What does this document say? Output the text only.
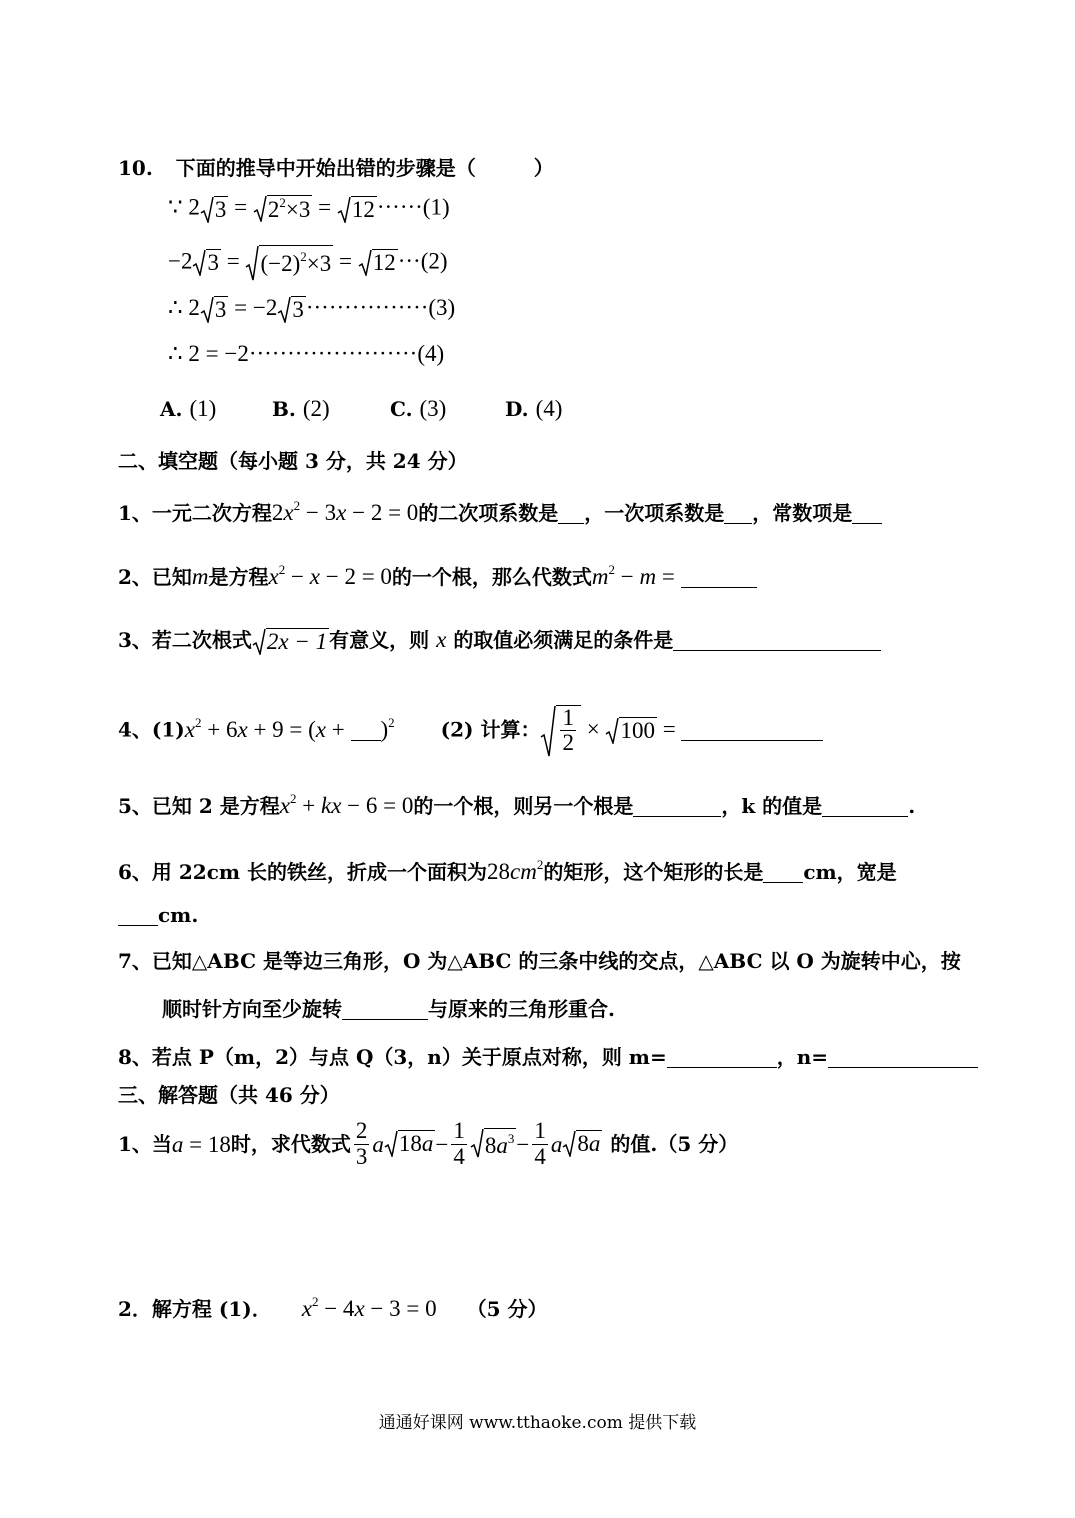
10. 下面的推导中开始出错的步骤是（	）
∵ 2 $3 = 2^2\times 3 = 12 \cdot\cdot\cdot\cdot\cdot\cdot(1)$
−2 $3 = (-2)^2\times 3 = 12 \cdot\cdot\cdot(2)$
∴ 2 3 = −2 3 ················(3)
∴ 2 = −2······················(4)
A. (1)	B. (2)	C. (3)	D. (4)
二、填空题（每小题 3 分，共 24 分）
1、一元二次方程$2x^2 - 3x - 2 = 0$的二次项系数是 ，一次项系数是 ，常数项是
2、已知m是方程$x^2 - x - 2 = 0$的一个根，那么代数式$m^2 - m$ =
3、若二次根式 2x − 1 有意义，则 x 的取值必须满足的条件是
4、$(1)x^2 + 6x + 9 = (x + )^2$ (2) 计算： $\frac{1}{2} \times 100$ =
5、已知 2 是方程$x^2$ + kx − 6 = 0的一个根，则另一个根是	，k 的值是	.
6、用 22cm 长的铁丝，折成一个面积为$28cm^2$的矩形，这个矩形的长是 cm，宽是
cm.
7、已知△ABC 是等边三角形，O 为△ABC 的三条中线的交点，△ABC 以 O 为旋转中心，按
顺时针方向至少旋转	与原来的三角形重合.
8、若点 P（m，2）与点 Q（3，n）关于原点对称，则 m=	，n=
三、解答题（共 46 分）
1、当 a = 18 时，求代数式 $\frac{2}{3}$ a $18a - \frac{1}{4} 8a^3 - \frac{1}{4}$ a 8a 的值.（5 分）
2．解方程 (1)． $x^2 - 4x - 3 = 0$ （5 分）
通通好课网 www.tthaoke.com 提供下载
